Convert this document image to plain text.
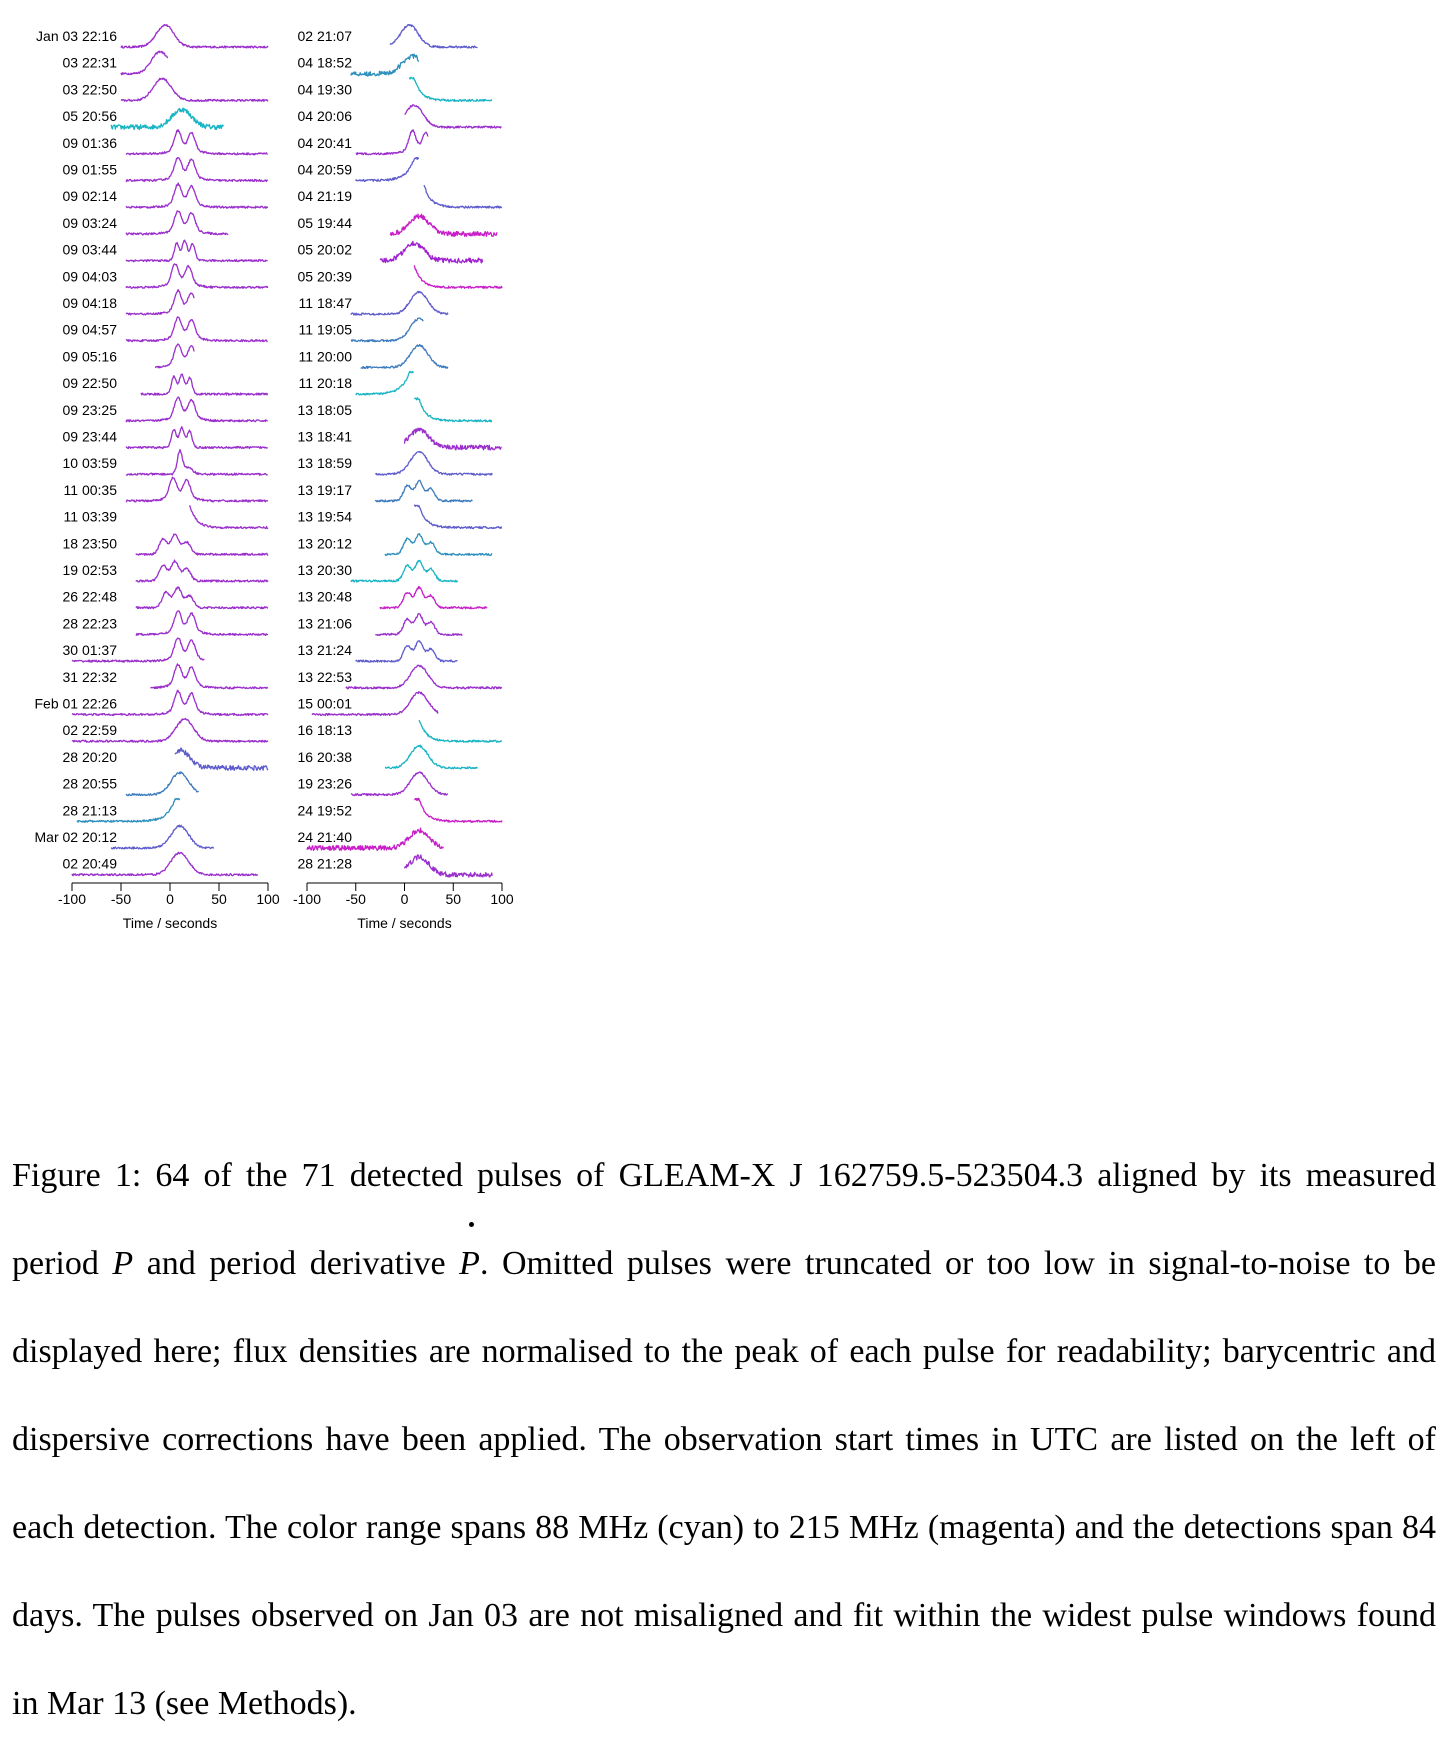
Jan 03 22:16
03 22:31
03 22:50
05 20:56
09 01:36
09 01:55
09 02:14
09 03:24
09 03:44
09 04:03
09 04:18
09 04:57
09 05:16
09 22:50
09 23:25
09 23:44
10 03:59
11 00:35
11 03:39
18 23:50
19 02:53
26 22:48
28 22:23
30 01:37
31 22:32
Feb 01 22:26
02 22:59
28 20:20
28 20:55
28 21:13
Mar 02 20:12
02 20:49
-100 -50 0	50 100
Time / seconds
02 21:07
04 18:52
04 19:30
04 20:06
04 20:41
04 20:59
04 21:19
05 19:44
05 20:02
05 20:39
11 18:47
11 19:05
11 20:00
11 20:18
13 18:05
13 18:41
13 18:59
13 19:17
13 19:54
13 20:12
13 20:30
13 20:48
13 21:06
13 21:24
13 22:53
15 00:01
16 18:13
16 20:38
19 23:26
24 19:52
24 21:40
28 21:28
-100 -50 0	50 100
Time / seconds

Figure 1: 64 of the 71 detected pulses of GLEAM-X J 162759.5-523504.3 aligned by its measured period P and period derivative P. Omitted pulses were truncated or too low in signal-to-noise to be displayed here; flux densities are normalised to the peak of each pulse for readability; barycentric and dispersive corrections have been applied. The observation start times in UTC are listed on the left of each detection. The color range spans 88 MHz (cyan) to 215 MHz (magenta) and the detections span 84 days. The pulses observed on Jan 03 are not misaligned and fit within the widest pulse windows found in Mar 13 (see Methods).
